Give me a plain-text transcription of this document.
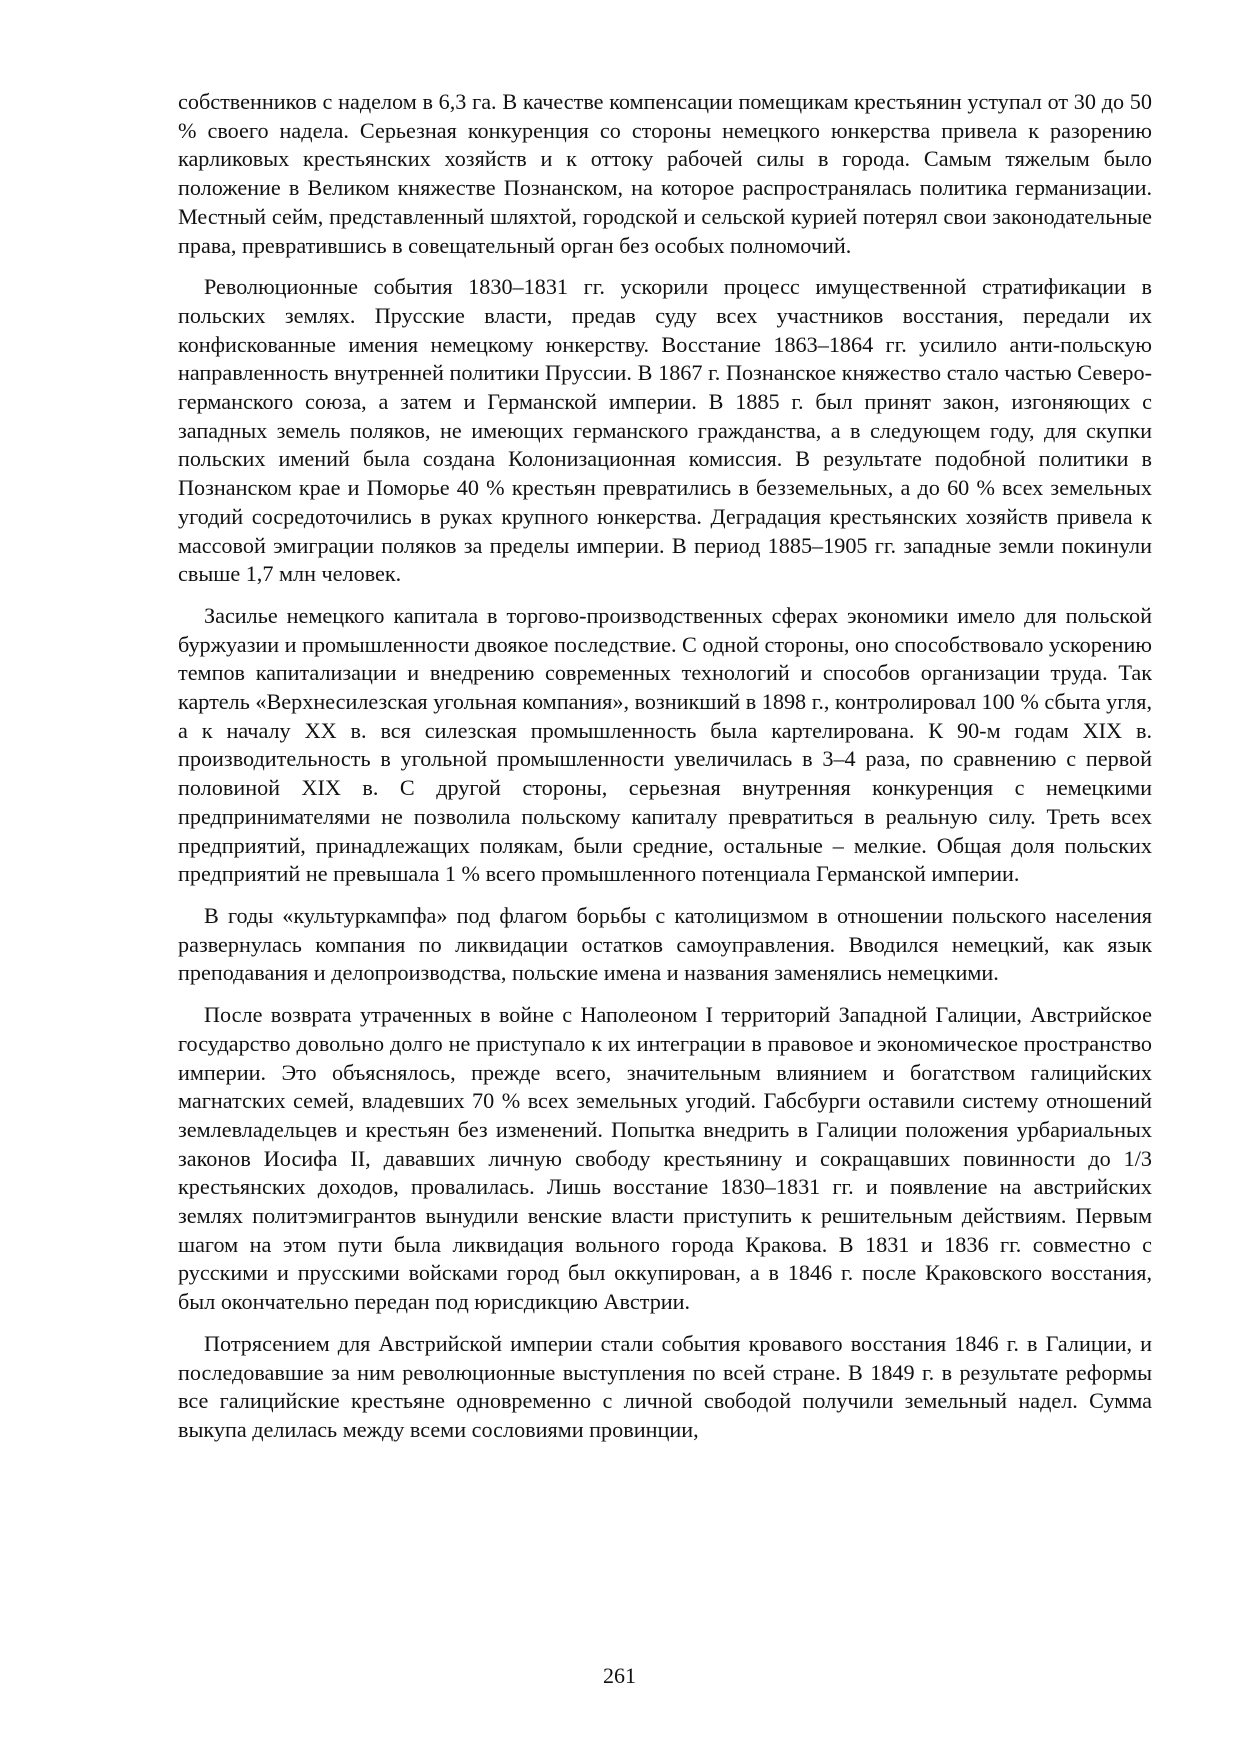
собственников с наделом в 6,3 га. В качестве компенсации помещикам крестьянин уступал от 30 до 50 % своего надела. Серьезная конкуренция со стороны немецкого юнкерства привела к разорению карликовых крестьянских хозяйств и к оттоку рабочей силы в города. Самым тяжелым было положение в Великом княжестве Познанском, на которое распространялась политика германизации. Местный сейм, представленный шляхтой, городской и сельской курией потерял свои законодательные права, превратившись в совещательный орган без особых полномочий.

Революционные события 1830–1831 гг. ускорили процесс имущественной стратификации в польских землях. Прусские власти, предав суду всех участников восстания, передали их конфискованные имения немецкому юнкерству. Восстание 1863–1864 гг. усилило анти-польскую направленность внутренней политики Пруссии. В 1867 г. Познанское княжество стало частью Северо-германского союза, а затем и Германской империи. В 1885 г. был принят закон, изгоняющих с западных земель поляков, не имеющих германского гражданства, а в следующем году, для скупки польских имений была создана Колонизационная комиссия. В результате подобной политики в Познанском крае и Поморье 40 % крестьян превратились в безземельных, а до 60 % всех земельных угодий сосредоточились в руках крупного юнкерства. Деградация крестьянских хозяйств привела к массовой эмиграции поляков за пределы империи. В период 1885–1905 гг. западные земли покинули свыше 1,7 млн человек.

Засилье немецкого капитала в торгово-производственных сферах экономики имело для польской буржуазии и промышленности двоякое последствие. С одной стороны, оно способствовало ускорению темпов капитализации и внедрению современных технологий и способов организации труда. Так картель «Верхнесилезская угольная компания», возникший в 1898 г., контролировал 100 % сбыта угля, а к началу XX в. вся силезская промышленность была картелирована. К 90-м годам XIX в. производительность в угольной промышленности увеличилась в 3–4 раза, по сравнению с первой половиной XIX в. С другой стороны, серьезная внутренняя конкуренция с немецкими предпринимателями не позволила польскому капиталу превратиться в реальную силу. Треть всех предприятий, принадлежащих полякам, были средние, остальные – мелкие. Общая доля польских предприятий не превышала 1 % всего промышленного потенциала Германской империи.

В годы «культуркампфа» под флагом борьбы с католицизмом в отношении польского населения развернулась компания по ликвидации остатков самоуправления. Вводился немецкий, как язык преподавания и делопроизводства, польские имена и названия заменялись немецкими.

После возврата утраченных в войне с Наполеоном I территорий Западной Галиции, Австрийское государство довольно долго не приступало к их интеграции в правовое и экономическое пространство империи. Это объяснялось, прежде всего, значительным влиянием и богатством галицийских магнатских семей, владевших 70 % всех земельных угодий. Габсбурги оставили систему отношений землевладельцев и крестьян без изменений. Попытка внедрить в Галиции положения урбариальных законов Иосифа II, дававших личную свободу крестьянину и сокращавших повинности до 1/3 крестьянских доходов, провалилась. Лишь восстание 1830–1831 гг. и появление на австрийских землях политэмигрантов вынудили венские власти приступить к решительным действиям. Первым шагом на этом пути была ликвидация вольного города Кракова. В 1831 и 1836 гг. совместно с русскими и прусскими войсками город был оккупирован, а в 1846 г. после Краковского восстания, был окончательно передан под юрисдикцию Австрии.

Потрясением для Австрийской империи стали события кровавого восстания 1846 г. в Галиции, и последовавшие за ним революционные выступления по всей стране. В 1849 г. в результате реформы все галицийские крестьяне одновременно с личной свободой получили земельный надел. Сумма выкупа делилась между всеми сословиями провинции,

261
